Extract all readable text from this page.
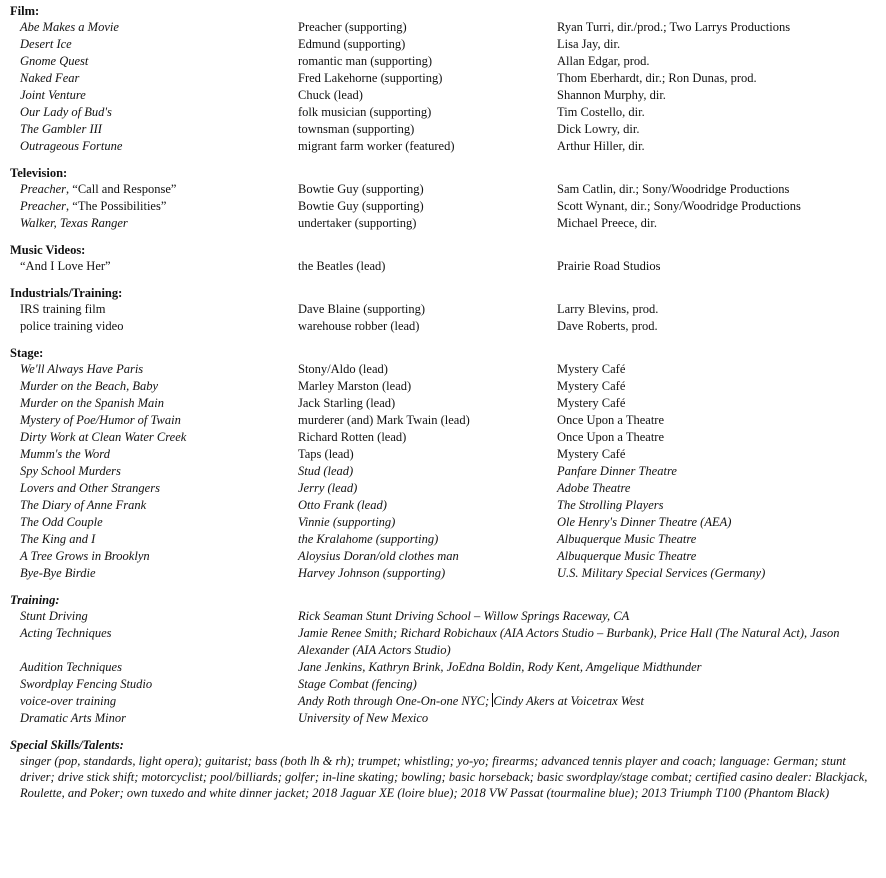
Film:
Abe Makes a Movie	Preacher (supporting)	Ryan Turri, dir./prod.; Two Larrys Productions
Desert Ice	Edmund (supporting)	Lisa Jay, dir.
Gnome Quest	romantic man (supporting)	Allan Edgar, prod.
Naked Fear	Fred Lakehorne (supporting)	Thom Eberhardt, dir.; Ron Dunas, prod.
Joint Venture	Chuck (lead)	Shannon Murphy, dir.
Our Lady of Bud's	folk musician (supporting)	Tim Costello, dir.
The Gambler III	townsman (supporting)	Dick Lowry, dir.
Outrageous Fortune	migrant farm worker (featured)	Arthur Hiller, dir.
Television:
Preacher, “Call and Response”	Bowtie Guy (supporting)	Sam Catlin, dir.; Sony/Woodridge Productions
Preacher, “The Possibilities”	Bowtie Guy (supporting)	Scott Wynant, dir.; Sony/Woodridge Productions
Walker, Texas Ranger	undertaker (supporting)	Michael Preece, dir.
Music Videos:
“And I Love Her”	the Beatles (lead)	Prairie Road Studios
Industrials/Training:
IRS training film	Dave Blaine (supporting)	Larry Blevins, prod.
police training video	warehouse robber (lead)	Dave Roberts, prod.
Stage:
We'll Always Have Paris	Stony/Aldo (lead)	Mystery Café
Murder on the Beach, Baby	Marley Marston (lead)	Mystery Café
Murder on the Spanish Main	Jack Starling (lead)	Mystery Café
Mystery of Poe/Humor of Twain	murderer (and) Mark Twain (lead)	Once Upon a Theatre
Dirty Work at Clean Water Creek	Richard Rotten (lead)	Once Upon a Theatre
Mumm's the Word	Taps (lead)	Mystery Café
Spy School Murders	Stud (lead)	Panfare Dinner Theatre
Lovers and Other Strangers	Jerry (lead)	Adobe Theatre
The Diary of Anne Frank	Otto Frank (lead)	The Strolling Players
The Odd Couple	Vinnie (supporting)	Ole Henry's Dinner Theatre (AEA)
The King and I	the Kralahome (supporting)	Albuquerque Music Theatre
A Tree Grows in Brooklyn	Aloysius Doran/old clothes man	Albuquerque Music Theatre
Bye-Bye Birdie	Harvey Johnson (supporting)	U.S. Military Special Services (Germany)
Training:
Stunt Driving	Rick Seaman Stunt Driving School – Willow Springs Raceway, CA
Acting Techniques	Jamie Renee Smith; Richard Robichaux (AIA Actors Studio – Burbank), Price Hall (The Natural Act), Jason Alexander (AIA Actors Studio)
Audition Techniques	Jane Jenkins, Kathryn Brink, JoEdna Boldin, Rody Kent, Amgelique Midthunder
Swordplay Fencing Studio	Stage Combat (fencing)
voice-over training	Andy Roth through One-On-one NYC; Cindy Akers at Voicetrax West
Dramatic Arts Minor	University of New Mexico
Special Skills/Talents:
singer (pop, standards, light opera); guitarist; bass (both lh & rh); trumpet; whistling; yo-yo; firearms; advanced tennis player and coach; language: German; stunt driver; drive stick shift; motorcyclist; pool/billiards; golfer; in-line skating; bowling; basic horseback; basic swordplay/stage combat; certified casino dealer: Blackjack, Roulette, and Poker; own tuxedo and white dinner jacket; 2018 Jaguar XE (loire blue); 2018 VW Passat (tourmaline blue); 2013 Triumph T100 (Phantom Black)
